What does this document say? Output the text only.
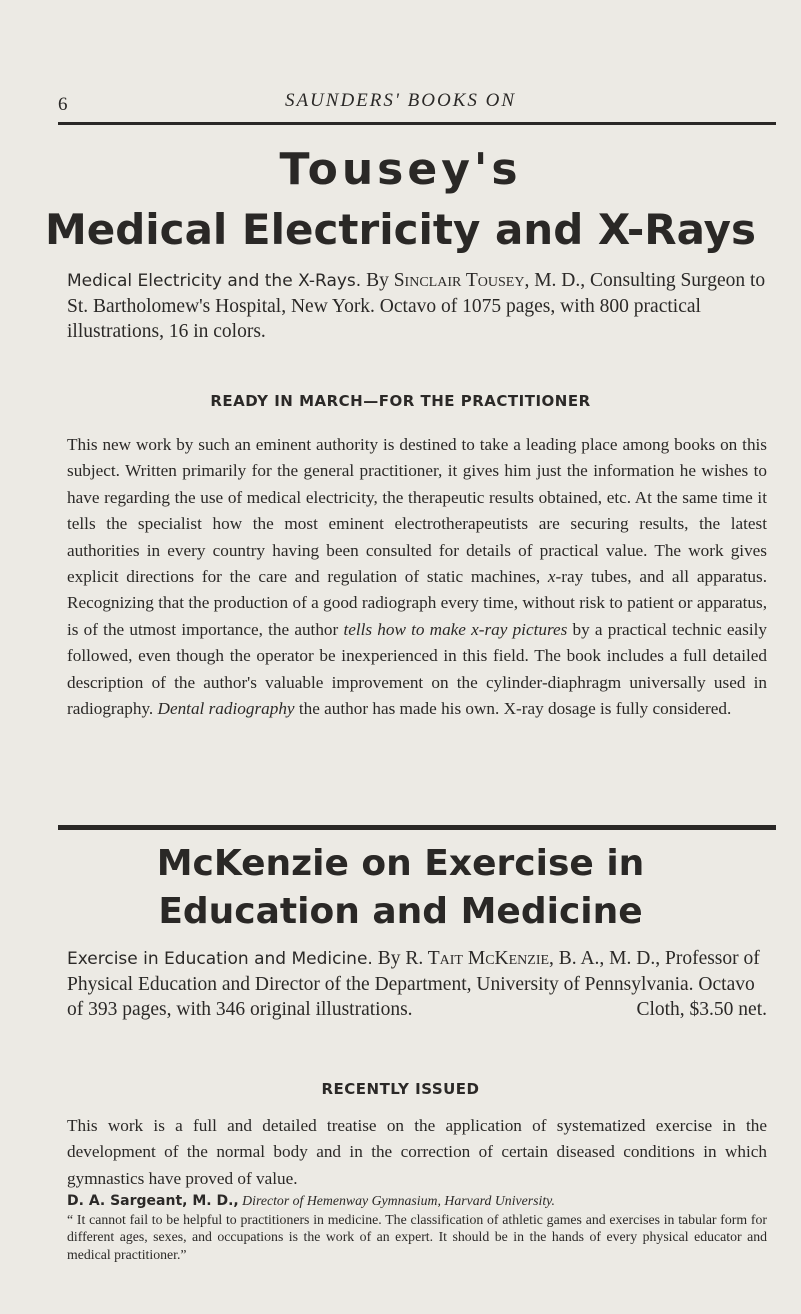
6	SAUNDERS' BOOKS ON
Tousey's
Medical Electricity and X-Rays
Medical Electricity and the X-Rays. By Sinclair Tousey, M. D., Consulting Surgeon to St. Bartholomew's Hospital, New York. Octavo of 1075 pages, with 800 practical illustrations, 16 in colors.
READY IN MARCH—FOR THE PRACTITIONER
This new work by such an eminent authority is destined to take a leading place among books on this subject. Written primarily for the general practitioner, it gives him just the information he wishes to have regarding the use of medical electricity, the therapeutic results obtained, etc. At the same time it tells the specialist how the most eminent electrotherapeutists are securing results, the latest authorities in every country having been consulted for details of practical value. The work gives explicit directions for the care and regulation of static machines, x-ray tubes, and all apparatus. Recognizing that the production of a good radiograph every time, without risk to patient or apparatus, is of the utmost importance, the author tells how to make x-ray pictures by a practical technic easily followed, even though the operator be inexperienced in this field. The book includes a full detailed description of the author's valuable improvement on the cylinder-diaphragm universally used in radiography. Dental radiography the author has made his own. X-ray dosage is fully considered.
McKenzie on Exercise in
Education and Medicine
Exercise in Education and Medicine. By R. Tait McKenzie, B. A., M. D., Professor of Physical Education and Director of the Department, University of Pennsylvania. Octavo of 393 pages, with 346 original illustrations.	Cloth, $3.50 net.
RECENTLY ISSUED
This work is a full and detailed treatise on the application of systematized exercise in the development of the normal body and in the correction of certain diseased conditions in which gymnastics have proved of value.
D. A. Sargeant, M. D., Director of Hemenway Gymnasium, Harvard University.
“ It cannot fail to be helpful to practitioners in medicine. The classification of athletic games and exercises in tabular form for different ages, sexes, and occupations is the work of an expert. It should be in the hands of every physical educator and medical practitioner.”
